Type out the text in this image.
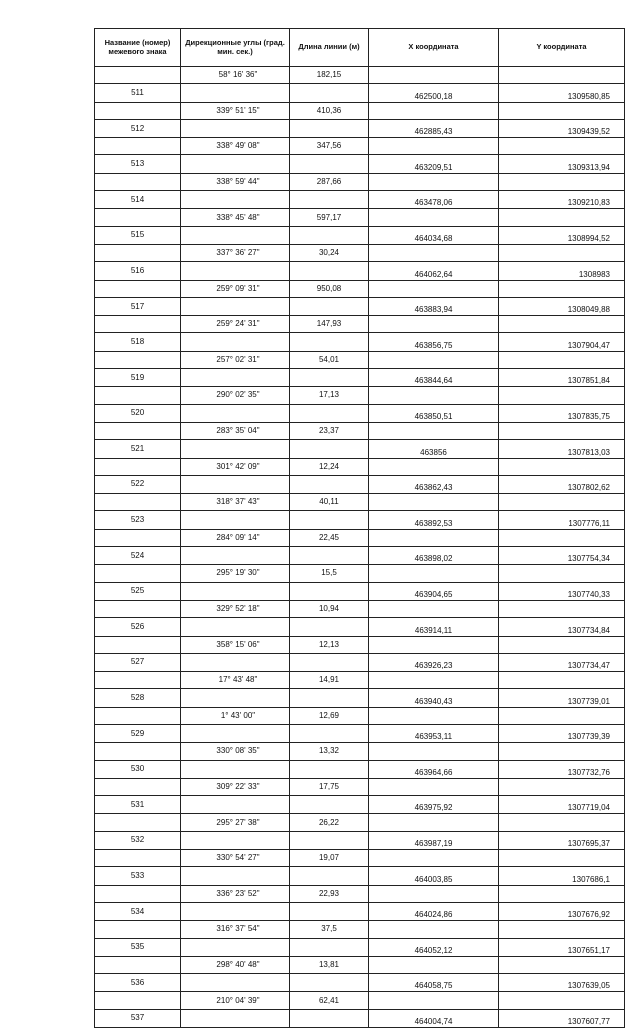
Название (номер) межевого знака	Дирекционные углы (град. мин. сек.)	Длина линии (м)	X координата	Y координата
	58° 16' 36"	182,15		
511			462500,18	1309580,85
	339° 51' 15"	410,36		
512			462885,43	1309439,52
	338° 49' 08"	347,56		
513			463209,51	1309313,94
	338° 59' 44"	287,66		
514			463478,06	1309210,83
	338° 45' 48"	597,17		
515			464034,68	1308994,52
	337° 36' 27"	30,24		
516			464062,64	1308983
	259° 09' 31"	950,08		
517			463883,94	1308049,88
	259° 24' 31"	147,93		
518			463856,75	1307904,47
	257° 02' 31"	54,01		
519			463844,64	1307851,84
	290° 02' 35"	17,13		
520			463850,51	1307835,75
	283° 35' 04"	23,37		
521			463856	1307813,03
	301° 42' 09"	12,24		
522			463862,43	1307802,62
	318° 37' 43"	40,11		
523			463892,53	1307776,11
	284° 09' 14"	22,45		
524			463898,02	1307754,34
	295° 19' 30"	15,5		
525			463904,65	1307740,33
	329° 52' 18"	10,94		
526			463914,11	1307734,84
	358° 15' 06"	12,13		
527			463926,23	1307734,47
	17° 43' 48"	14,91		
528			463940,43	1307739,01
	1° 43' 00"	12,69		
529			463953,11	1307739,39
	330° 08' 35"	13,32		
530			463964,66	1307732,76
	309° 22' 33"	17,75		
531			463975,92	1307719,04
	295° 27' 38"	26,22		
532			463987,19	1307695,37
	330° 54' 27"	19,07		
533			464003,85	1307686,1
	336° 23' 52"	22,93		
534			464024,86	1307676,92
	316° 37' 54"	37,5		
535			464052,12	1307651,17
	298° 40' 48"	13,81		
536			464058,75	1307639,05
	210° 04' 39"	62,41		
537			464004,74	1307607,77
